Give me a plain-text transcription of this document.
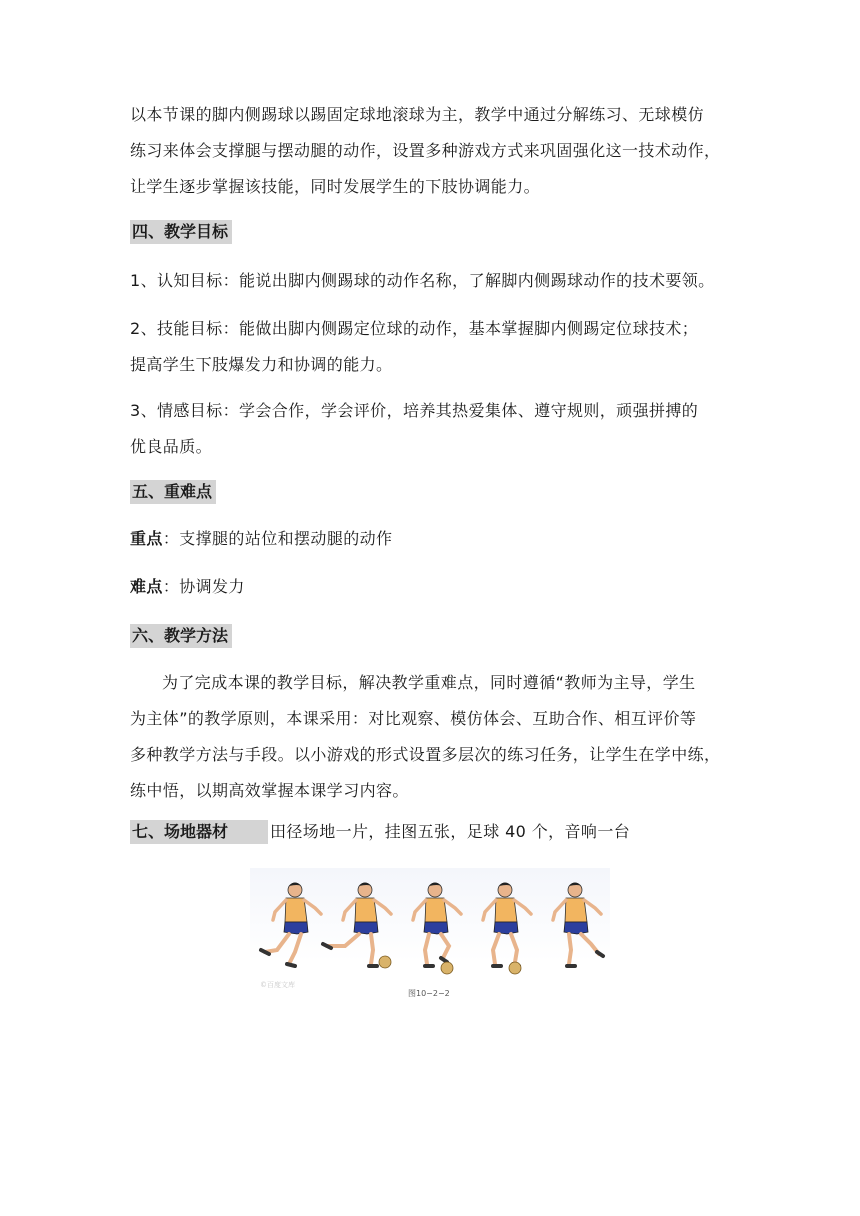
以本节课的脚内侧踢球以踢固定球地滚球为主，教学中通过分解练习、无球模仿
练习来体会支撑腿与摆动腿的动作，设置多种游戏方式来巩固强化这一技术动作，
让学生逐步掌握该技能，同时发展学生的下肢协调能力。
四、教学目标
1、认知目标：能说出脚内侧踢球的动作名称，了解脚内侧踢球动作的技术要领。
2、技能目标：能做出脚内侧踢定位球的动作，基本掌握脚内侧踢定位球技术；
提高学生下肢爆发力和协调的能力。
3、情感目标：学会合作，学会评价，培养其热爱集体、遵守规则，顽强拼搏的
优良品质。
五、重难点
重点：支撑腿的站位和摆动腿的动作
难点：协调发力
六、教学方法
为了完成本课的教学目标，解决教学重难点，同时遵循“教师为主导，学生
为主体”的教学原则，本课采用：对比观察、模仿体会、互助合作、相互评价等
多种教学方法与手段。以小游戏的形式设置多层次的练习任务，让学生在学中练，
练中悟，以期高效掌握本课学习内容。
七、场地器材	田径场地一片，挂图五张，足球 40 个，音响一台
©百度文库
图10−2−2
